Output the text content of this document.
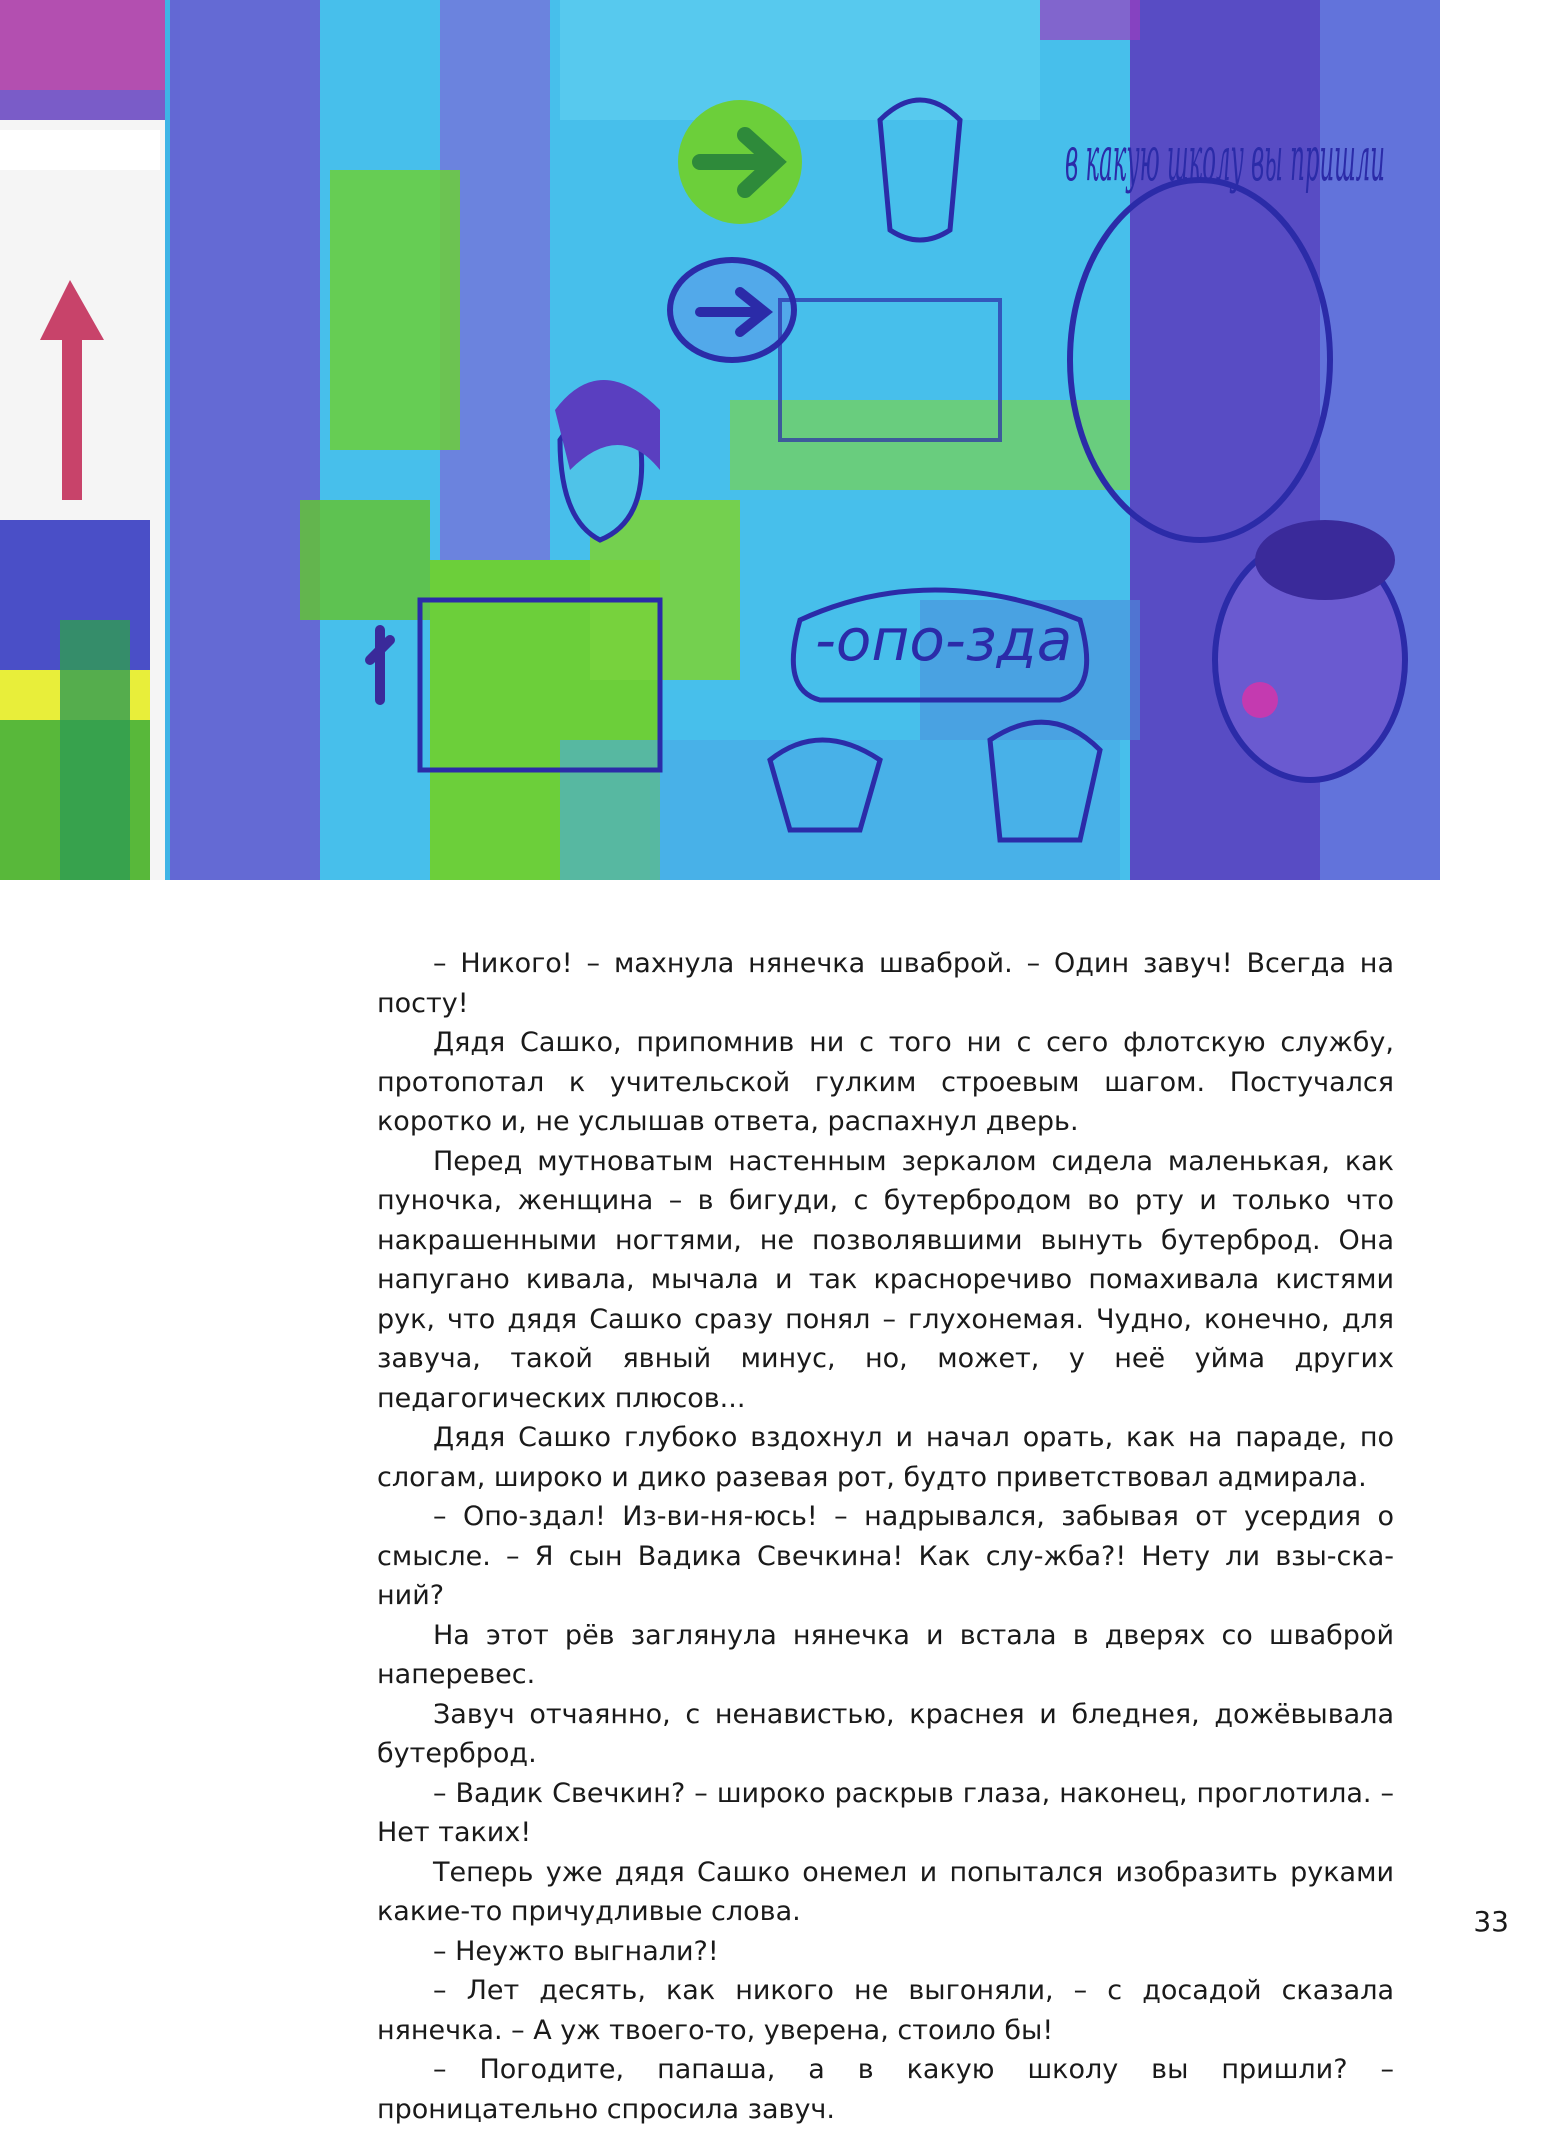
в какую школу вы пришли
-опо-зда

– Никого! – махнула нянечка шваброй. – Один завуч! Всегда на посту!

Дядя Сашко, припомнив ни с того ни с сего флотскую службу, протопотал к учительской гулким строевым шагом. Постучался коротко и, не услышав ответа, распахнул дверь.

Перед мутноватым настенным зеркалом сидела маленькая, как пуночка, женщина – в бигуди, с бутербродом во рту и только что накрашенными ногтями, не позволявшими вынуть бутерброд. Она напугано кивала, мычала и так красноречиво помахивала кистями рук, что дядя Сашко сразу понял – глухонемая. Чудно, конечно, для завуча, такой явный минус, но, может, у неё уйма других педагогических плюсов...

Дядя Сашко глубоко вздохнул и начал орать, как на параде, по слогам, широко и дико разевая рот, будто приветствовал адмирала.

– Опо-здал! Из-ви-ня-юсь! – надрывался, забывая от усердия о смысле. – Я сын Вадика Свечкина! Как слу-жба?! Нету ли взы-ска-ний?

На этот рёв заглянула нянечка и встала в дверях со шваброй наперевес.

Завуч отчаянно, с ненавистью, краснея и бледнея, дожёвывала бутерброд.

– Вадик Свечкин? – широко раскрыв глаза, наконец, проглотила. – Нет таких!

Теперь уже дядя Сашко онемел и попытался изобразить руками какие-то причудливые слова.

– Неужто выгнали?!

– Лет десять, как никого не выгоняли, – с досадой сказала нянечка. – А уж твоего-то, уверена, стоило бы!

– Погодите, папаша, а в какую школу вы пришли? – проницательно спросила завуч.

33
